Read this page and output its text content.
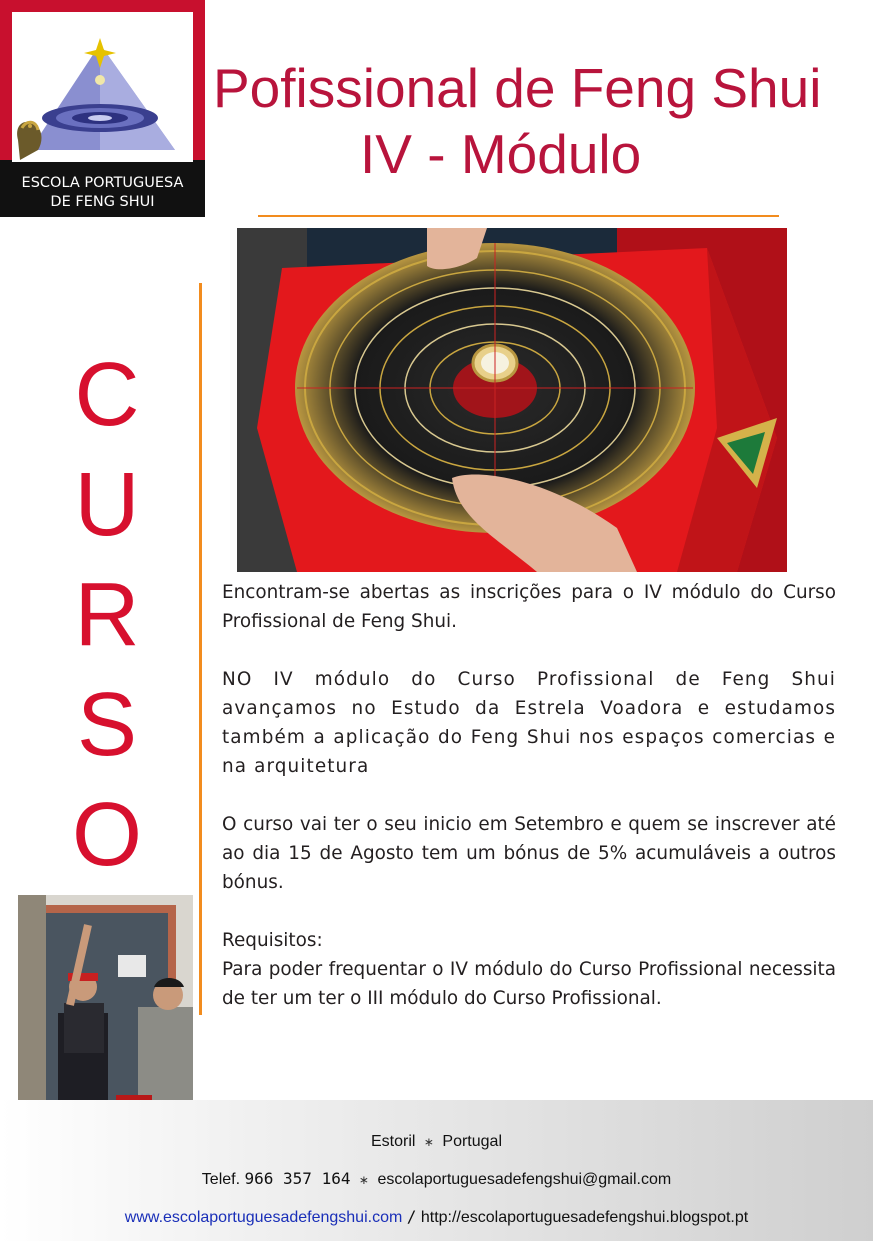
ESCOLA PORTUGUESA
DE FENG SHUI
Pofissional de Feng Shui
IV - Módulo
C
U
R
S
O

Encontram-se abertas as inscrições para o IV módulo do Curso Profissional de Feng Shui.

NO IV módulo do Curso Profissional de Feng Shui avançamos no Estudo da Estrela Voadora e estudamos também a aplicação do Feng Shui nos espaços comercias e na arquitetura

O curso vai ter o seu inicio em Setembro e quem se inscrever até ao dia 15 de Agosto tem um bónus de 5% acumuláveis a outros bónus.

Requisitos:

Para poder frequentar o IV módulo do Curso Profissional necessita de ter um ter o III módulo do Curso Profissional.

Estoril ∗ Portugal

Telef. 966 357 164 ∗ escolaportuguesadefengshui@gmail.com

www.escolaportuguesadefengshui.com / http://escolaportuguesadefengshui.blogspot.pt
